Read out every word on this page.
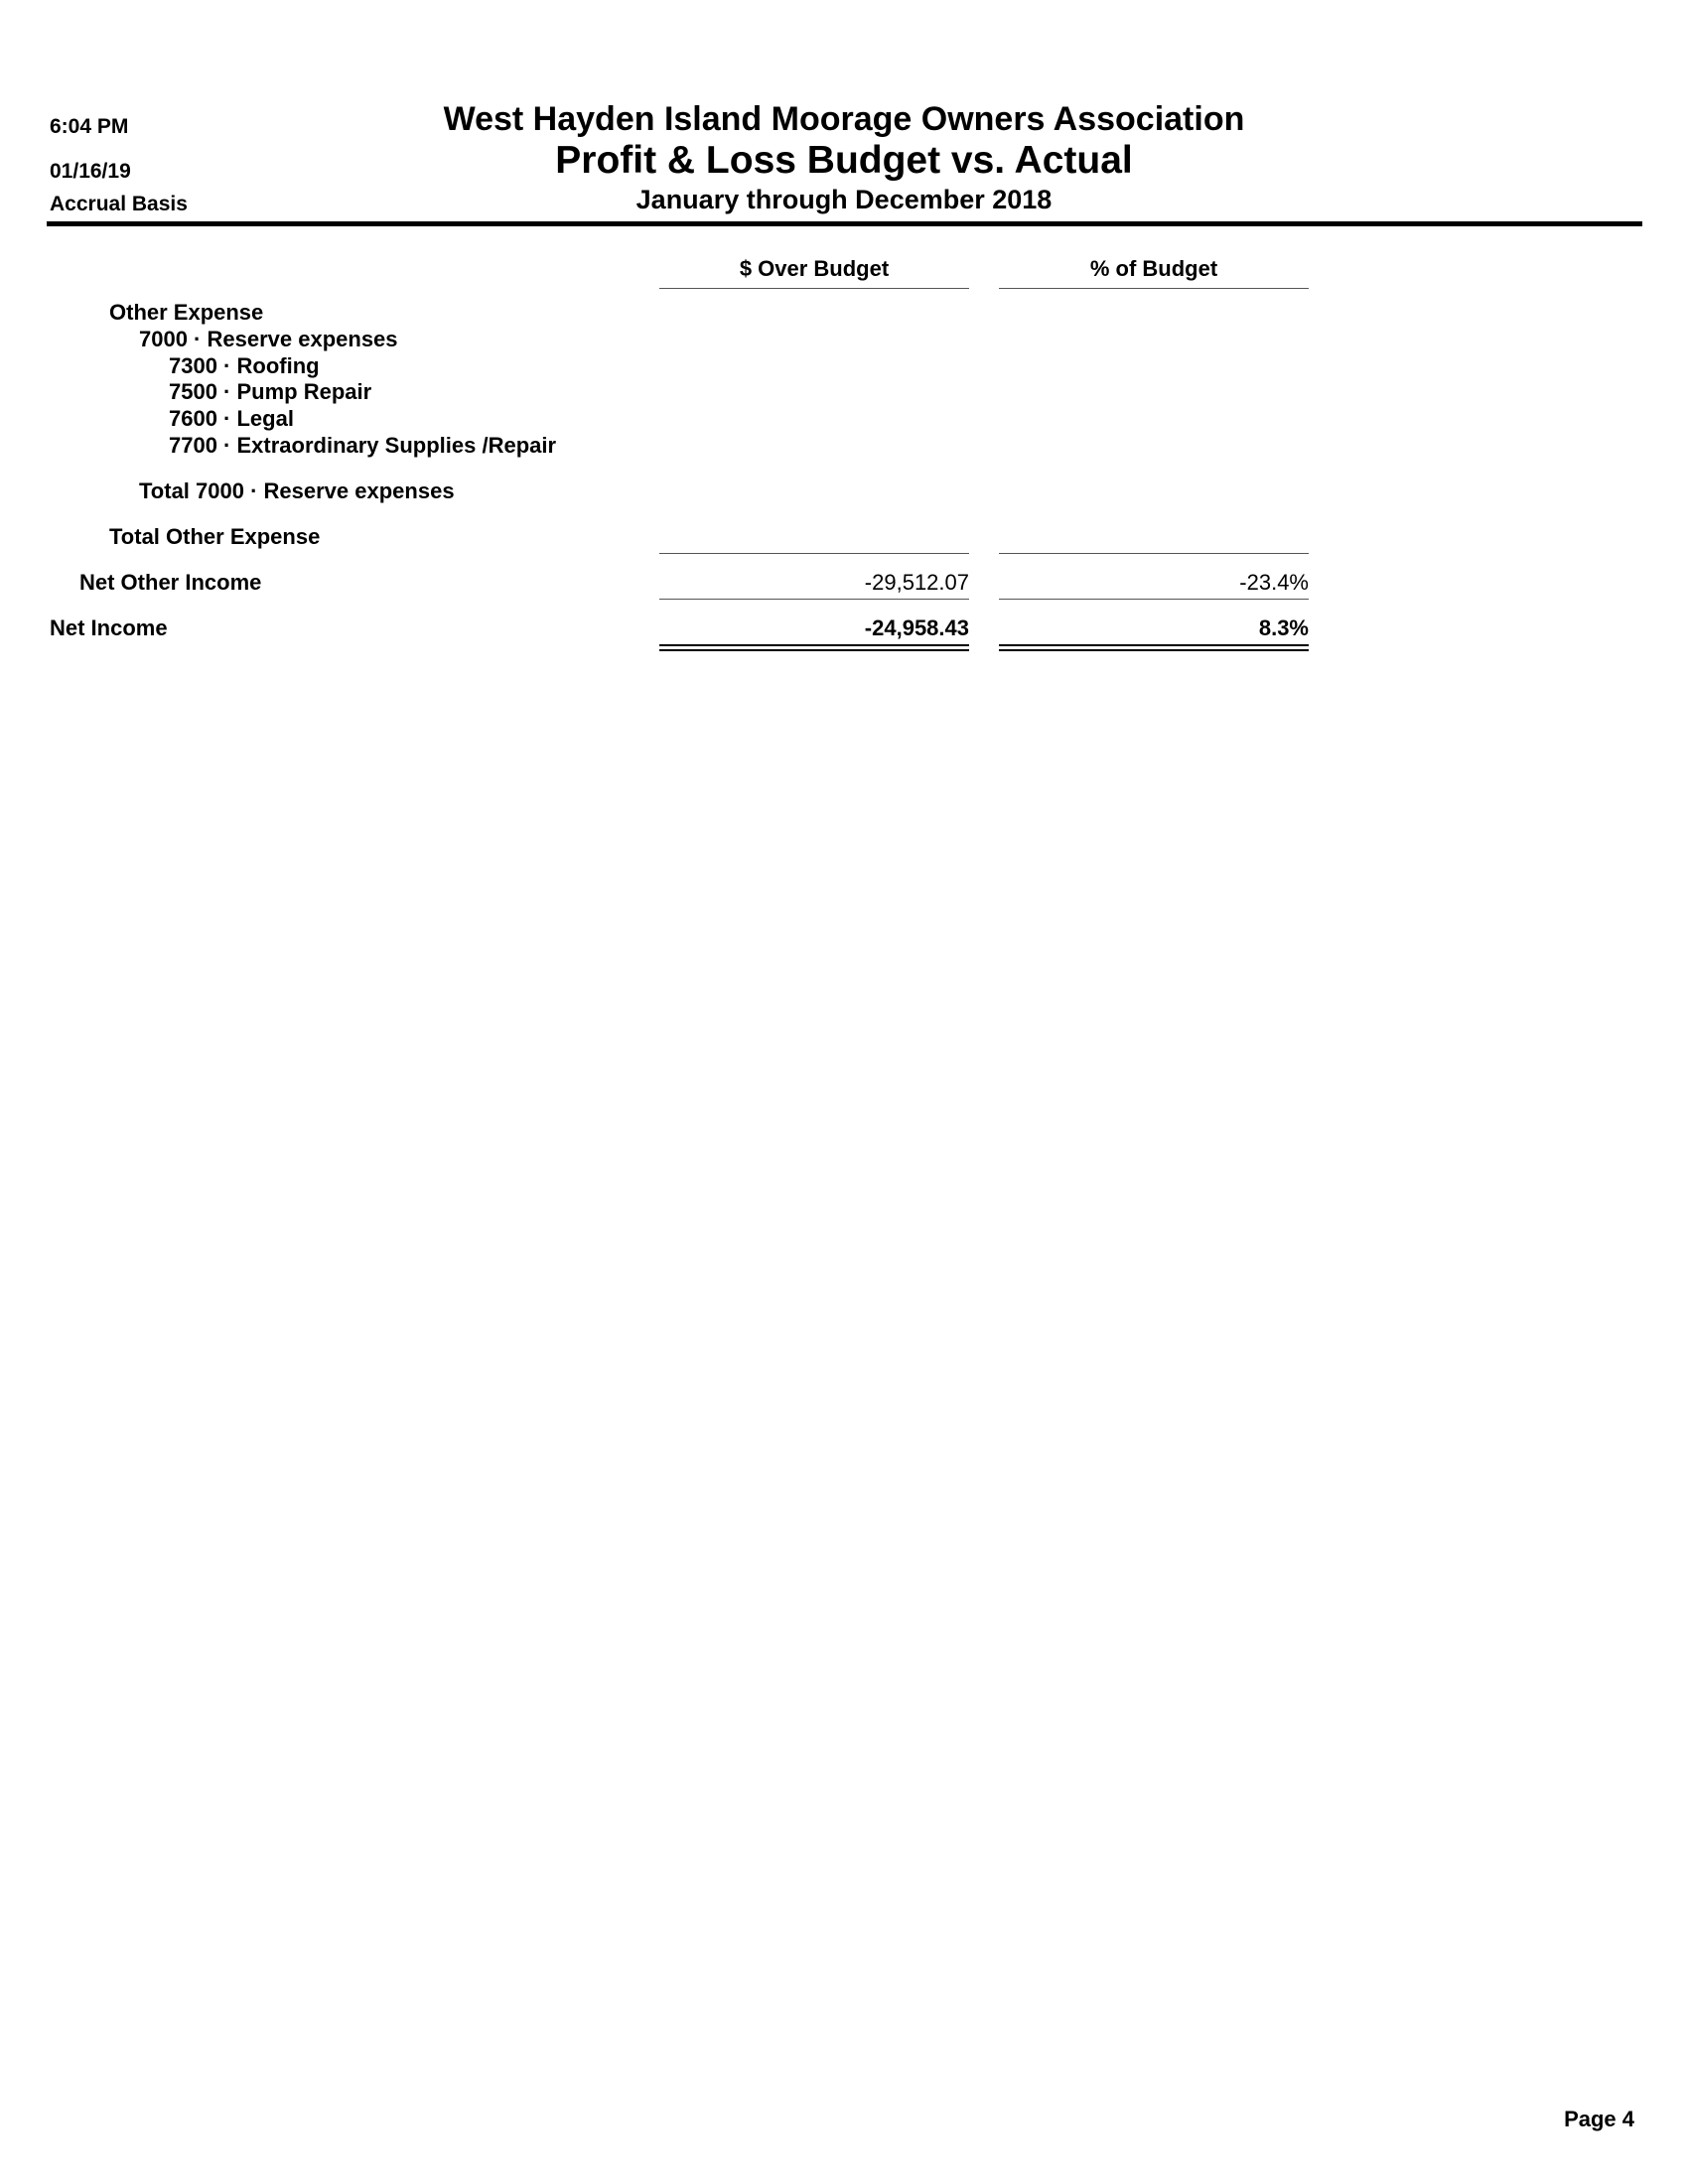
6:04 PM
01/16/19
Accrual Basis
West Hayden Island Moorage Owners Association
Profit & Loss Budget vs. Actual
January through December 2018
$ Over Budget	% of Budget
Other Expense
7000 · Reserve expenses
7300 · Roofing
7500 · Pump Repair
7600 · Legal
7700 · Extraordinary Supplies /Repair
Total 7000 · Reserve expenses
Total Other Expense
Net Other Income	-29,512.07	-23.4%
Net Income	-24,958.43	8.3%
Page 4
